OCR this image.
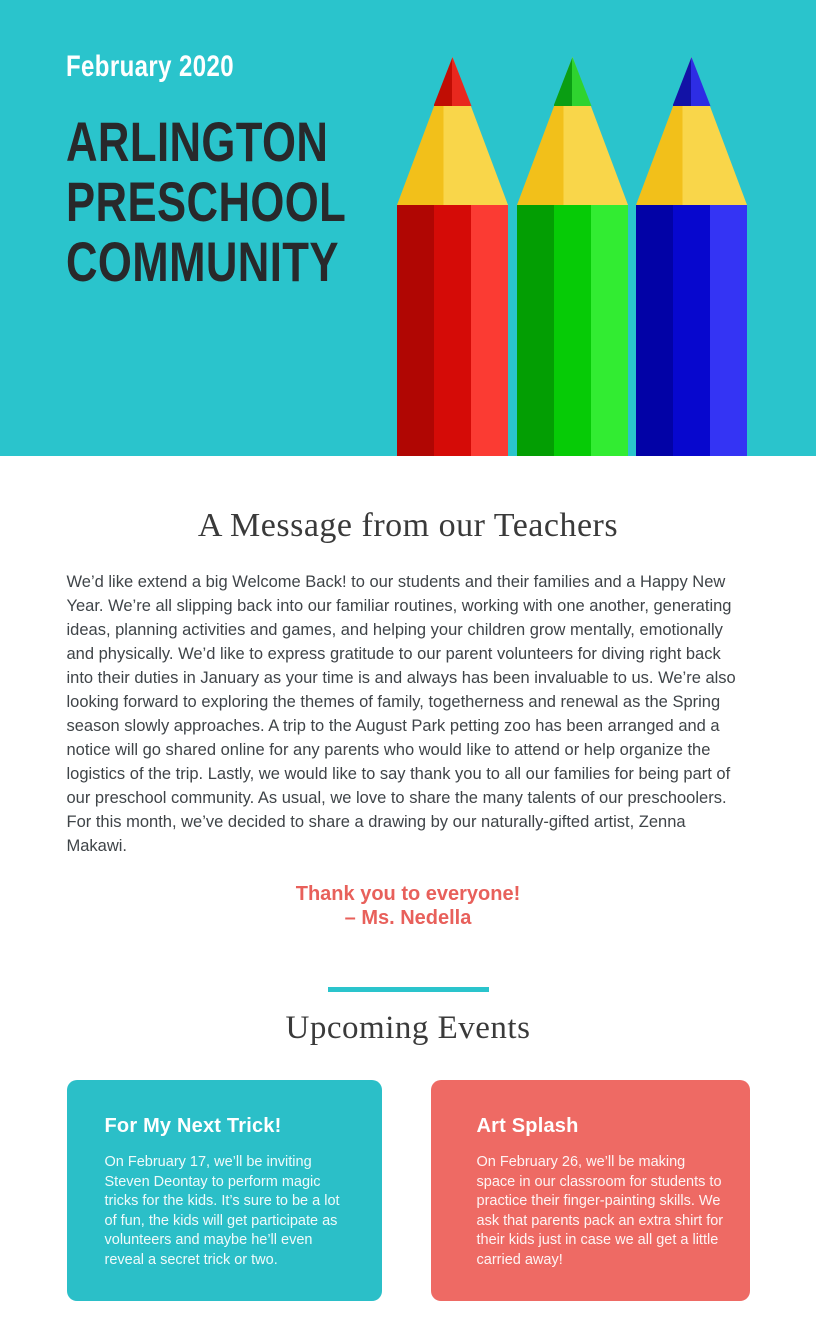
February 2020
ARLINGTON
PRESCHOOL
COMMUNITY
A Message from our Teachers

We’d like extend a big Welcome Back! to our students and their families and a Happy New Year. We’re all slipping back into our familiar routines, working with one another, generating ideas, planning activities and games, and helping your children grow mentally, emotionally and physically. We’d like to express gratitude to our parent volunteers for diving right back into their duties in January as your time is and always has been invaluable to us. We’re also looking forward to exploring the themes of family, togetherness and renewal as the Spring season slowly approaches. A trip to the August Park petting zoo has been arranged and a notice will go shared online for any parents who would like to attend or help organize the logistics of the trip. Lastly, we would like to say thank you to all our families for being part of our preschool community. As usual, we love to share the many talents of our preschoolers. For this month, we’ve decided to share a drawing by our naturally-gifted artist, Zenna Makawi.

Thank you to everyone!
– Ms. Nedella
Upcoming Events
For My Next Trick!

On February 17, we’ll be inviting Steven Deontay to perform magic tricks for the kids. It’s sure to be a lot of fun, the kids will get participate as volunteers and maybe he’ll even reveal a secret trick or two.

Art Splash

On February 26, we’ll be making space in our classroom for students to practice their finger-painting skills. We ask that parents pack an extra shirt for their kids just in case we all get a little carried away!
